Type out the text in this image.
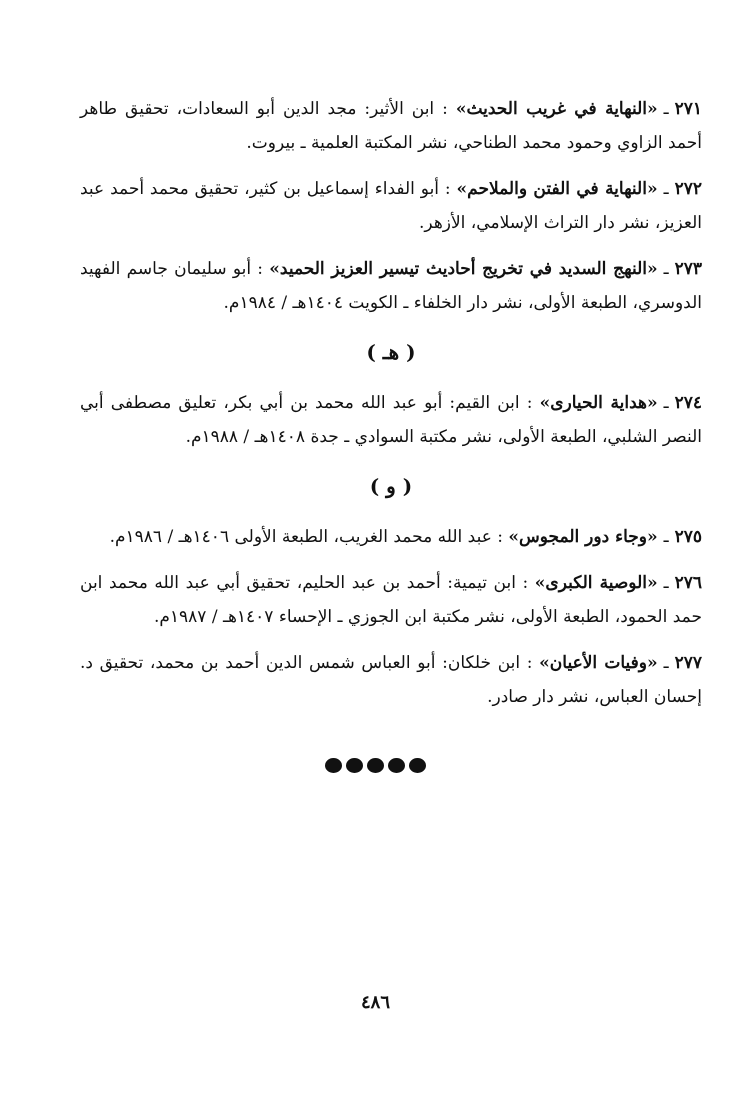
٢٧١ـ«النهاية في غريب الحديث» : ابن الأثير: مجد الدين أبو السعادات، تحقيق طاهر أحمد الزاوي وحمود محمد الطناحي، نشر المكتبة العلمية ـ بيروت.
٢٧٢ـ«النهاية في الفتن والملاحم» : أبو الفداء إسماعيل بن كثير، تحقيق محمد أحمد عبد العزيز، نشر دار التراث الإسلامي، الأزهر.
٢٧٣ـ«النهج السديد في تخريج أحاديث تيسير العزيز الحميد» : أبو سليمان جاسم الفهيد الدوسري، الطبعة الأولى، نشر دار الخلفاء ـ الكويت ١٤٠٤هـ / ١٩٨٤م.
( هـ )
٢٧٤ـ«هداية الحيارى» : ابن القيم: أبو عبد الله محمد بن أبي بكر، تعليق مصطفى أبي النصر الشلبي، الطبعة الأولى، نشر مكتبة السوادي ـ جدة ١٤٠٨هـ / ١٩٨٨م.
( و )
٢٧٥ـ«وجاء دور المجوس» : عبد الله محمد الغريب، الطبعة الأولى ١٤٠٦هـ / ١٩٨٦م.
٢٧٦ـ«الوصية الكبرى» : ابن تيمية: أحمد بن عبد الحليم، تحقيق أبي عبد الله محمد ابن حمد الحمود، الطبعة الأولى، نشر مكتبة ابن الجوزي ـ الإحساء ١٤٠٧هـ / ١٩٨٧م.
٢٧٧ـ«وفيات الأعيان» : ابن خلكان: أبو العباس شمس الدين أحمد بن محمد، تحقيق د. إحسان العباس، نشر دار صادر.
٤٨٦
